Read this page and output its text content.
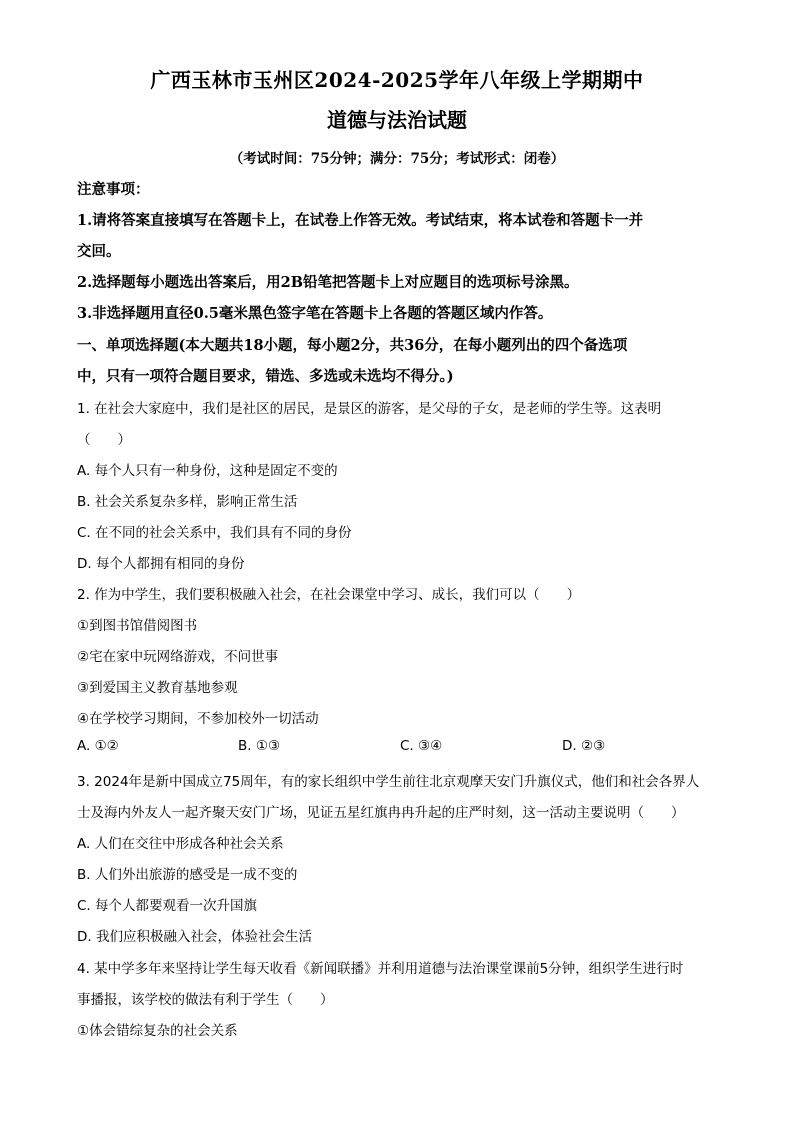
广西玉林市玉州区2024-2025学年八年级上学期期中
道德与法治试题
（考试时间：75分钟；满分：75分；考试形式：闭卷）
注意事项：
1.请将答案直接填写在答题卡上，在试卷上作答无效。考试结束，将本试卷和答题卡一并
交回。
2.选择题每小题选出答案后，用2B铅笔把答题卡上对应题目的选项标号涂黑。
3.非选择题用直径0.5毫米黑色签字笔在答题卡上各题的答题区域内作答。
一、单项选择题(本大题共18小题，每小题2分，共36分，在每小题列出的四个备选项
中，只有一项符合题目要求，错选、多选或未选均不得分。)
1. 在社会大家庭中，我们是社区的居民，是景区的游客，是父母的子女，是老师的学生等。这表明
（　　）
A. 每个人只有一种身份，这种是固定不变的
B. 社会关系复杂多样，影响正常生活
C. 在不同的社会关系中，我们具有不同的身份
D. 每个人都拥有相同的身份
2. 作为中学生，我们要积极融入社会，在社会课堂中学习、成长，我们可以（　　）
①到图书馆借阅图书
②宅在家中玩网络游戏，不问世事
③到爱国主义教育基地参观
④在学校学习期间，不参加校外一切活动
A. ①②	B. ①③	C. ③④	D. ②③
3. 2024年是新中国成立75周年，有的家长组织中学生前往北京观摩天安门升旗仪式，他们和社会各界人
士及海内外友人一起齐聚天安门广场，见证五星红旗冉冉升起的庄严时刻，这一活动主要说明（　　）
A. 人们在交往中形成各种社会关系
B. 人们外出旅游的感受是一成不变的
C. 每个人都要观看一次升国旗
D. 我们应积极融入社会，体验社会生活
4. 某中学多年来坚持让学生每天收看《新闻联播》并利用道德与法治课堂课前5分钟，组织学生进行时
事播报，该学校的做法有利于学生（　　）
①体会错综复杂的社会关系
